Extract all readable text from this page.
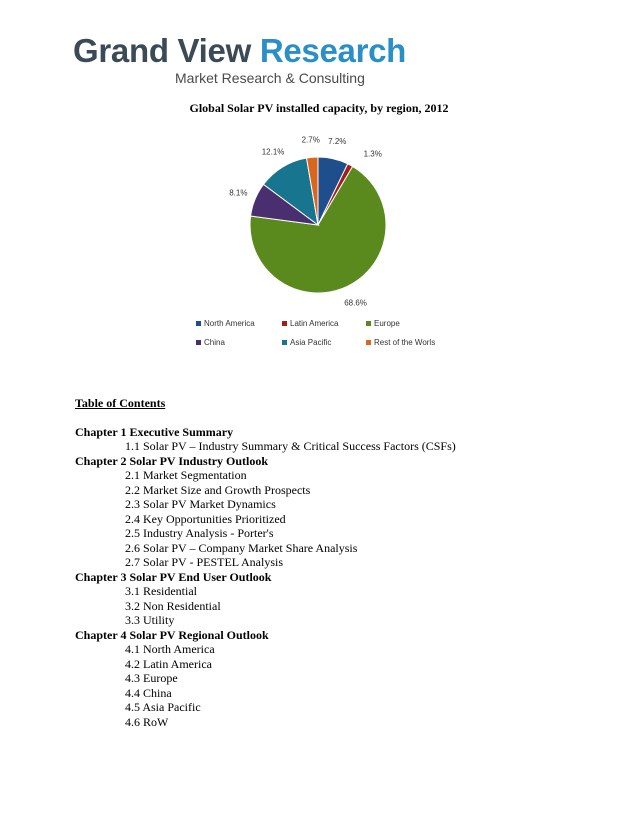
Grand View Research
Market Research & Consulting
Global Solar PV installed capacity, by region, 2012
7.2%
1.3%
68.6%
8.1%
12.1%
2.7%
North America	Latin America	Europe
China	Asia Pacific	Rest of the Worls
Table of Contents
Chapter 1 Executive Summary
1.1 Solar PV – Industry Summary & Critical Success Factors (CSFs)
Chapter 2 Solar PV Industry Outlook
2.1 Market Segmentation
2.2 Market Size and Growth Prospects
2.3 Solar PV Market Dynamics
2.4 Key Opportunities Prioritized
2.5 Industry Analysis - Porter's
2.6 Solar PV – Company Market Share Analysis
2.7 Solar PV - PESTEL Analysis
Chapter 3 Solar PV End User Outlook
3.1 Residential
3.2 Non Residential
3.3 Utility
Chapter 4 Solar PV Regional Outlook
4.1 North America
4.2 Latin America
4.3 Europe
4.4 China
4.5 Asia Pacific
4.6 RoW
